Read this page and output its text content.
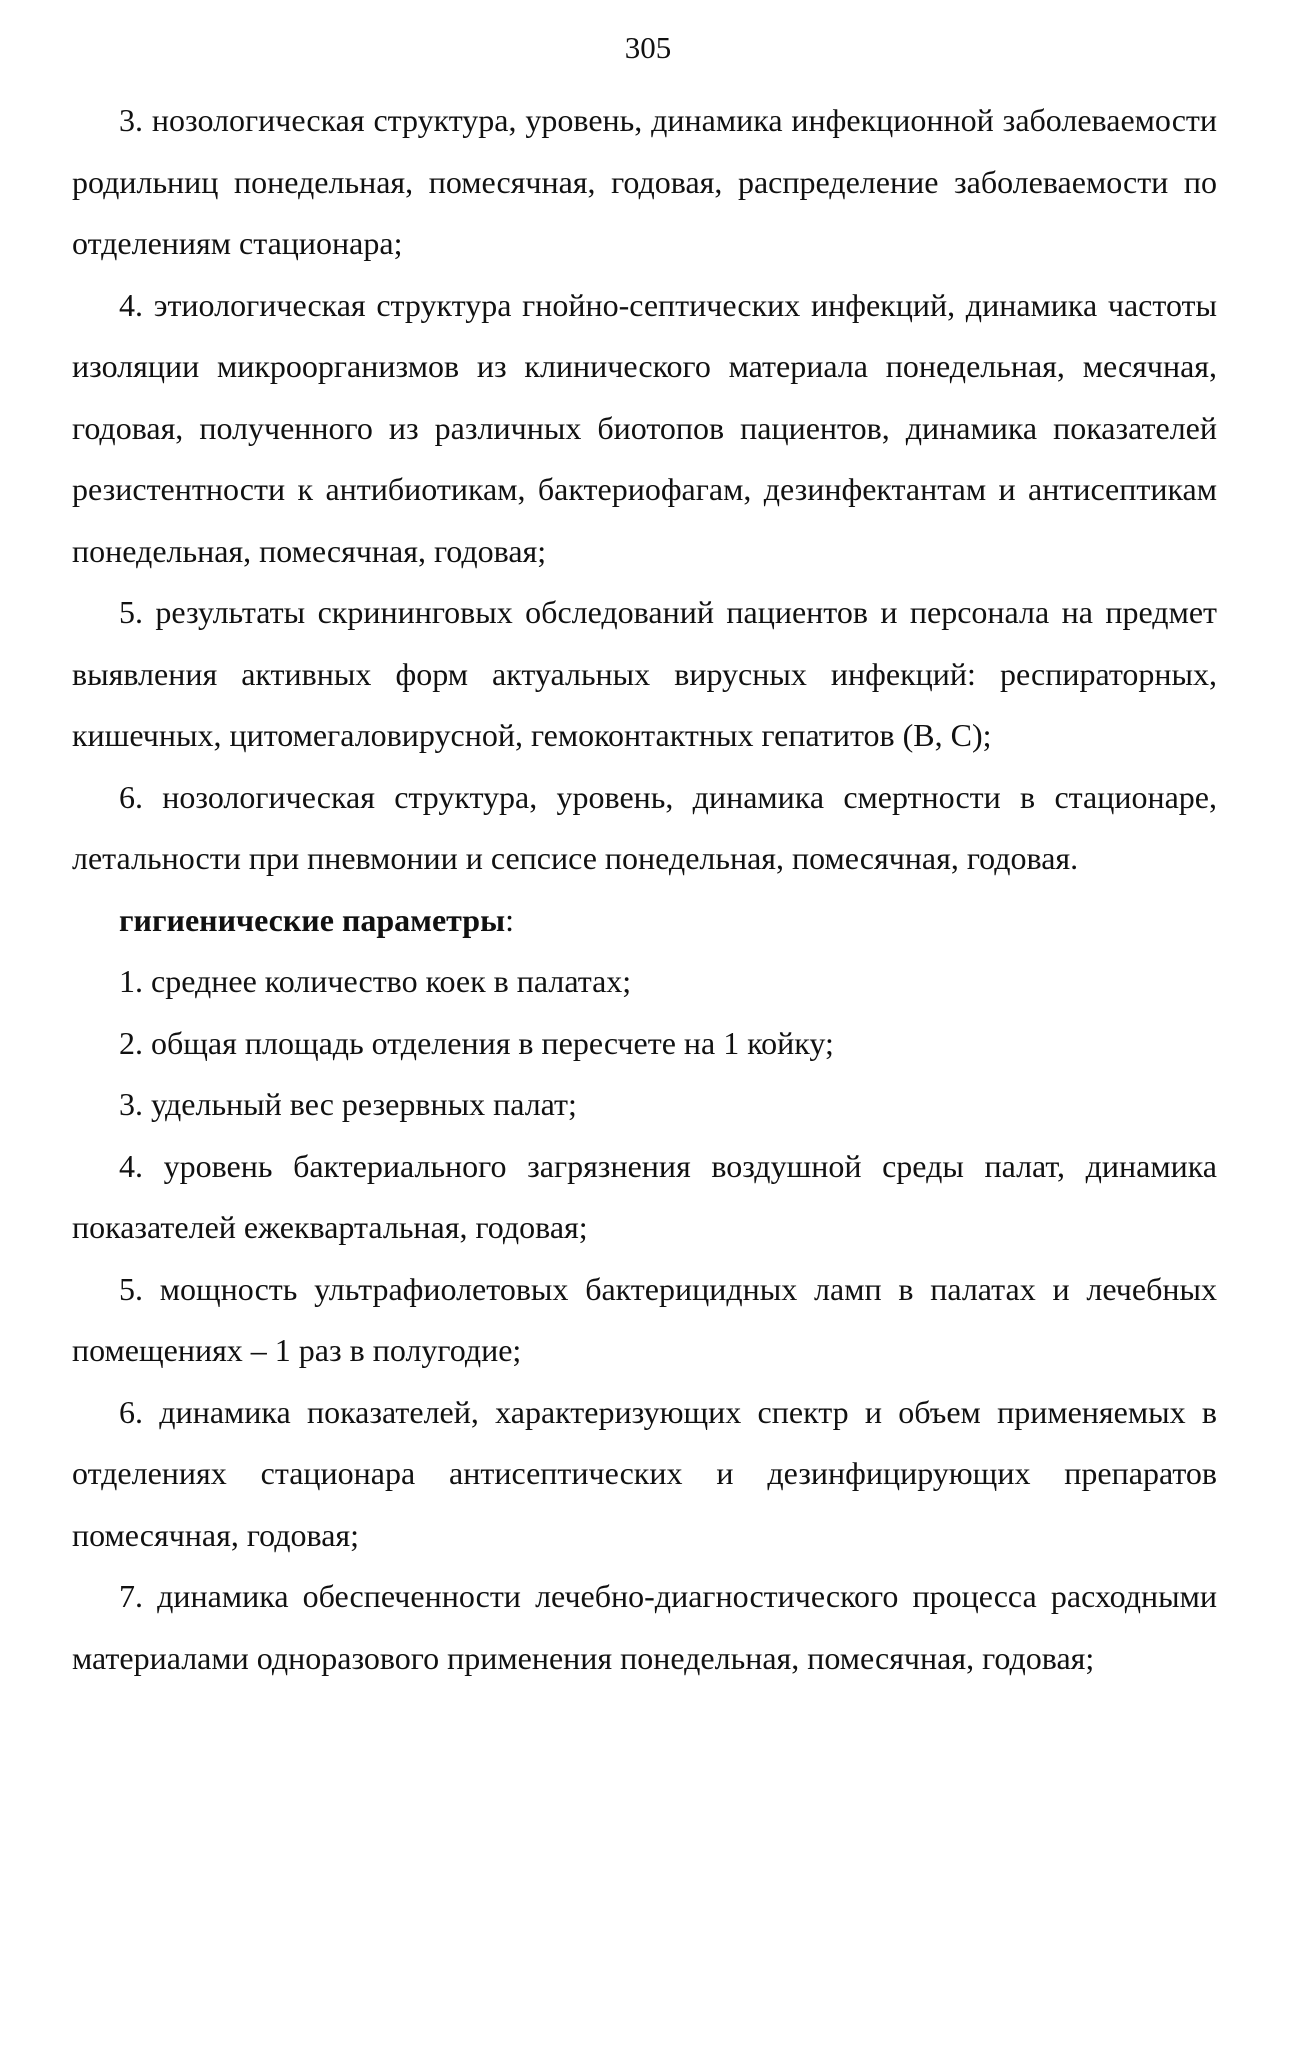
305

3. нозологическая структура, уровень, динамика инфекционной заболеваемости родильниц понедельная, помесячная, годовая, распределение заболеваемости по отделениям стационара;

4. этиологическая структура гнойно-септических инфекций, динамика частоты изоляции микроорганизмов из клинического материала понедельная, месячная, годовая, полученного из различных биотопов пациентов, динамика показателей резистентности к антибиотикам, бактериофагам, дезинфектантам и антисептикам понедельная, помесячная, годовая;

5. результаты скрининговых обследований пациентов и персонала на предмет выявления активных форм актуальных вирусных инфекций: респираторных, кишечных, цитомегаловирусной, гемоконтактных гепатитов (B, C);

6. нозологическая структура, уровень, динамика смертности в стационаре, летальности при пневмонии и сепсисе понедельная, помесячная, годовая.

гигиенические параметры:

1. среднее количество коек в палатах;

2. общая площадь отделения в пересчете на 1 койку;

3. удельный вес резервных палат;

4. уровень бактериального загрязнения воздушной среды палат, динамика показателей ежеквартальная, годовая;

5. мощность ультрафиолетовых бактерицидных ламп в палатах и лечебных помещениях – 1 раз в полугодие;

6. динамика показателей, характеризующих спектр и объем применяемых в отделениях стационара антисептических и дезинфицирующих препаратов помесячная, годовая;

7. динамика обеспеченности лечебно-диагностического процесса расходными материалами одноразового применения понедельная, помесячная, годовая;
